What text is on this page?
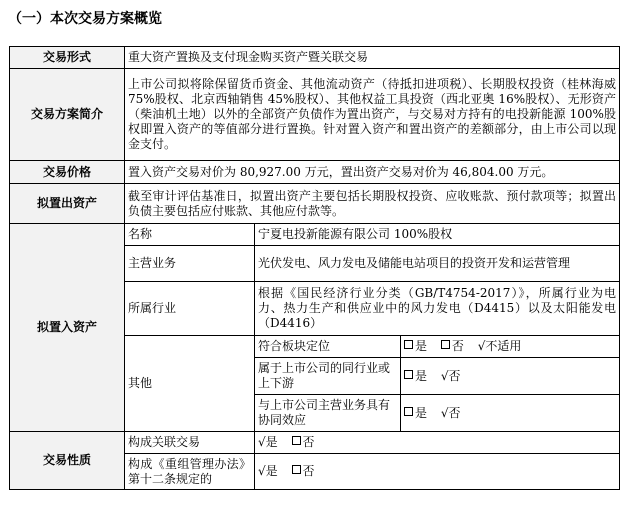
（一）本次交易方案概览
交易形式	重大资产置换及支付现金购买资产暨关联交易		
交易方案简介	上市公司拟将除保留货币资金、其他流动资产（待抵扣进项税）、长期股权投资（桂林海威 75%股权、北京西轴销售 45%股权）、其他权益工具投资（西北亚奥 16%股权）、无形资产（柴油机土地）以外的全部资产负债作为置出资产，与交易对方持有的电投新能源 100%股权即置入资产的等值部分进行置换。针对置入资产和置出资产的差额部分，由上市公司以现金支付。		
交易价格	置入资产交易对价为 80,927.00 万元，置出资产交易对价为 46,804.00 万元。		
拟置出资产	截至审计评估基准日，拟置出资产主要包括长期股权投资、应收账款、预付款项等；拟置出负债主要包括应付账款、其他应付款等。		
拟置入资产	名称	宁夏电投新能源有限公司 100%股权	
	主营业务	光伏发电、风力发电及储能电站项目的投资开发和运营管理	
	所属行业	根据《国民经济行业分类（GB/T4754-2017）》，所属行业为电力、热力生产和供应业中的风力发电（D4415）以及太阳能发电（D4416）	
	其他	符合板块定位	是 否 √不适用
		属于上市公司的同行业或上下游	是 √否
		与上市公司主营业务具有协同效应	是 √否
交易性质	构成关联交易	√是 否	
	构成《重组管理办法》第十二条规定的	√是 否	
